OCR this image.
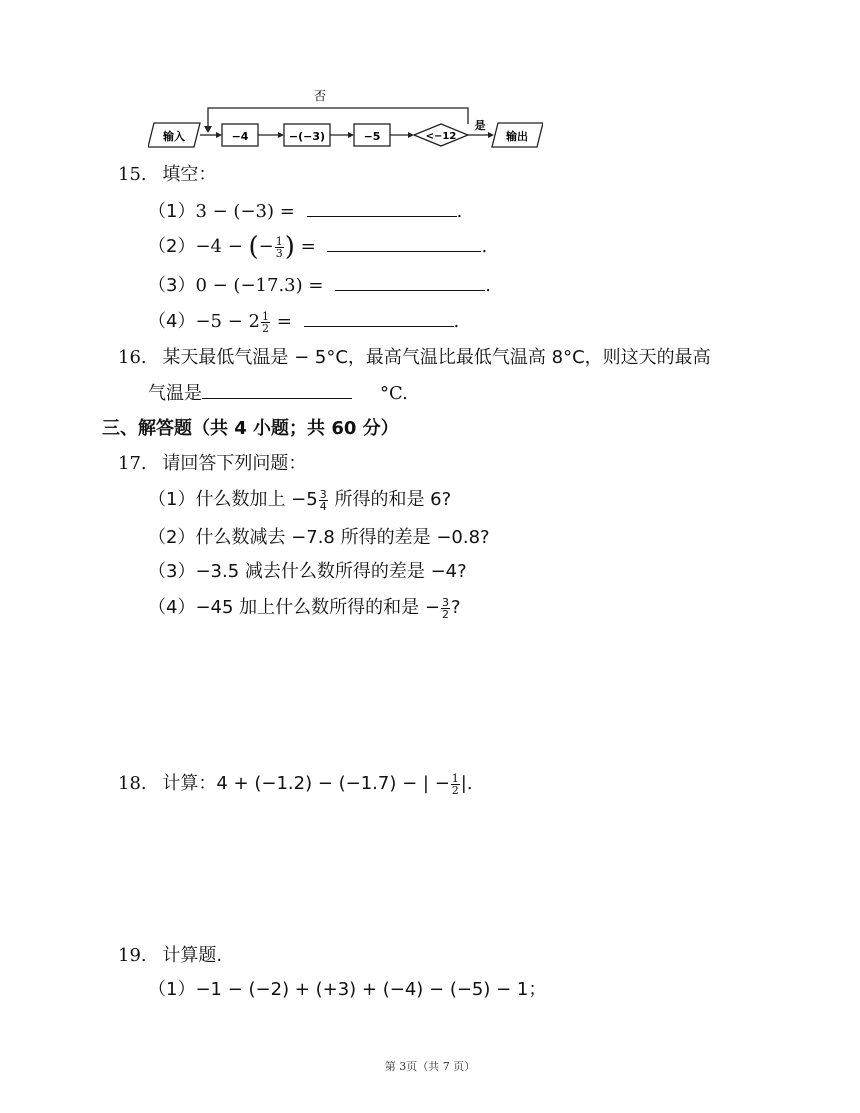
否
是
输入	−4	−(−3)	−5	<−12	输出
15. 填空：
（1）3 − (−3) =	.
（2）−4 − (− $\frac{1}{3}$ ) =	.
（3）0 − (−17.3) =	.
$(4)-5 - 2 \frac{1}{2}$ =	.
16. 某天最低气温是 − 5°C，最高气温比最低气温高 8°C，则这天的最高
气温是	°C.
三、解答题（共 4 小题；共 60 分）
17. 请回答下列问题：
（1）什么数加上 $-5 \frac{3}{4}$ 所得的和是 6?
（2）什么数减去 −7.8 所得的差是 −0.8?
（3）−3.5 减去什么数所得的差是 −4?
（4）−45 加上什么数所得的和是 − $\frac{3}{2}$ ?
18. 计算：4 + (−1.2) − (−1.7) − | − $\frac{1}{2}$ |.
19. 计算题.
（1）−1 − (−2) + (+3) + (−4) − (−5) − 1；
第 3页（共 7 页）
